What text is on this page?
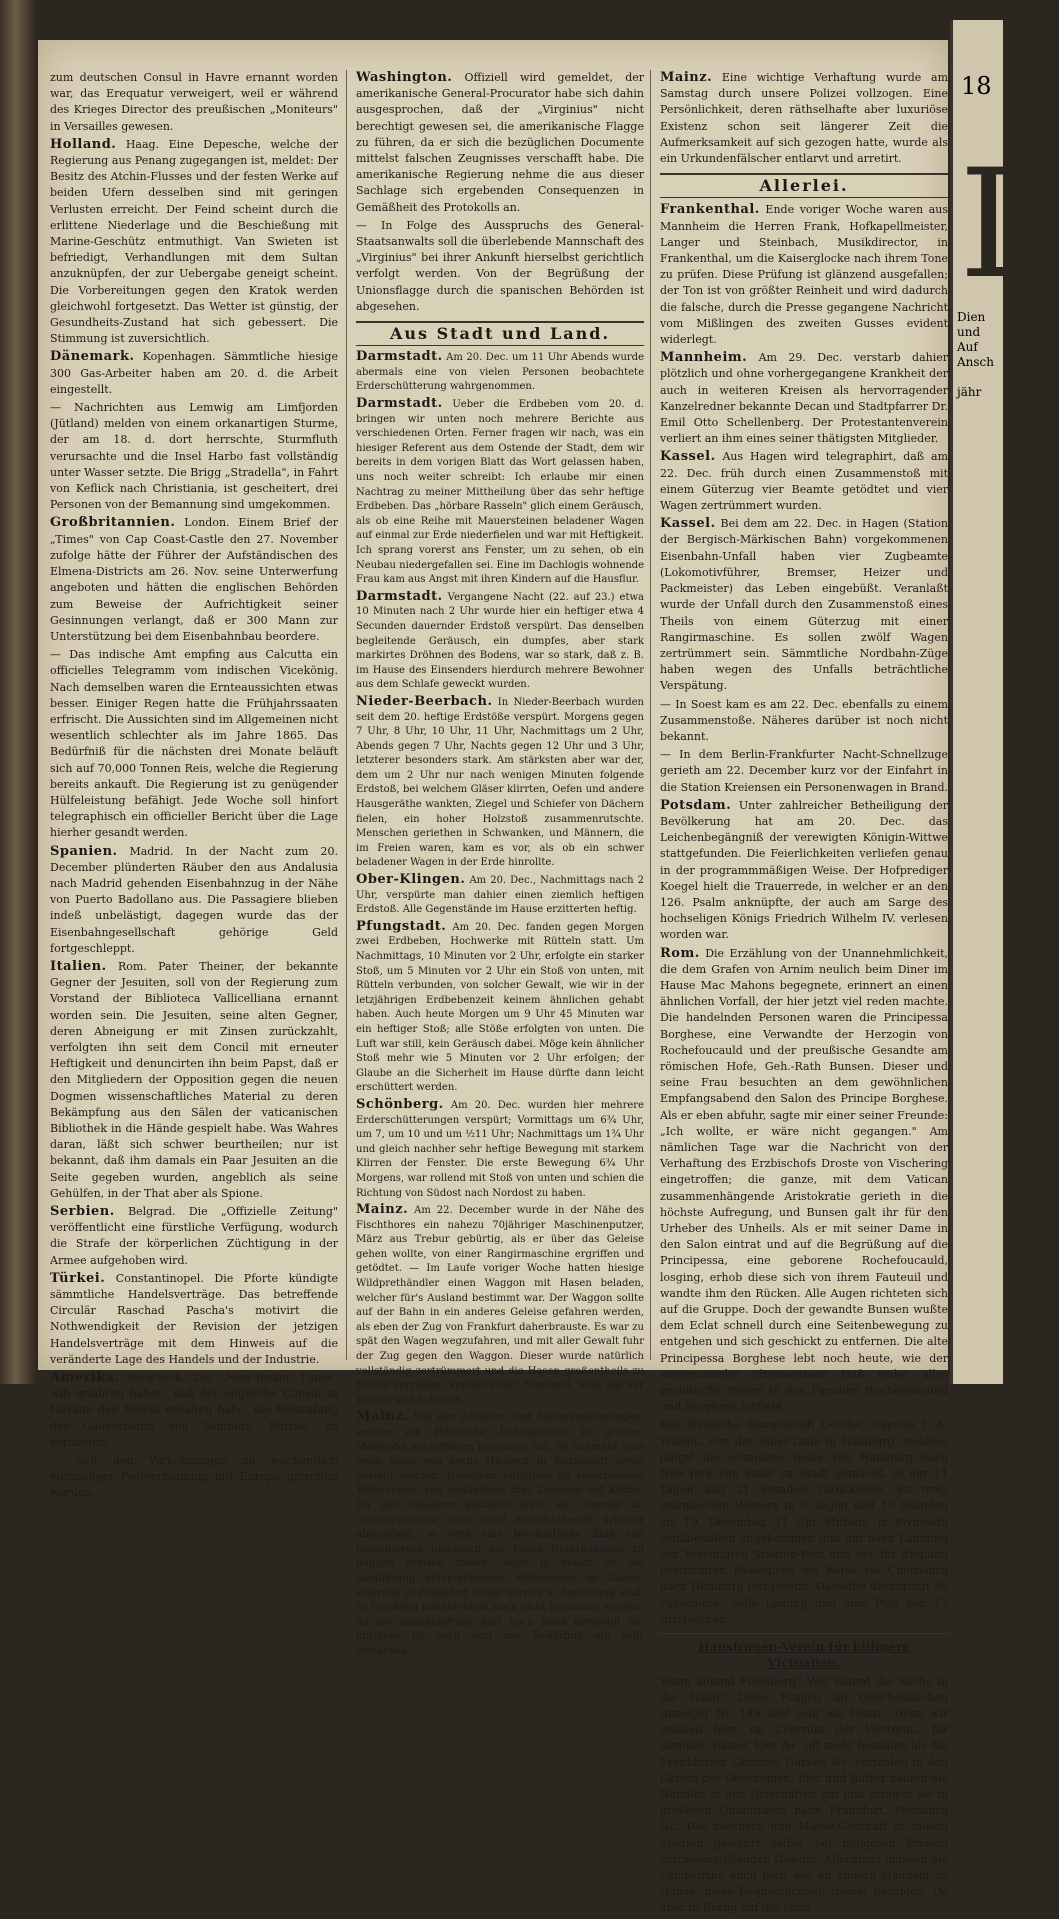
zum deutschen Consul in Havre ernannt worden war, das Erequatur verweigert, weil er während des Krieges Director des preußischen „Moniteurs" in Versailles gewesen.

Holland. Haag. Eine Depesche, welche der Regierung aus Penang zugegangen ist, meldet: Der Besitz des Atchin-Flusses und der festen Werke auf beiden Ufern desselben sind mit geringen Verlusten erreicht. Der Feind scheint durch die erlittene Niederlage und die Beschießung mit Marine-Geschütz entmuthigt. Van Swieten ist befriedigt, Verhandlungen mit dem Sultan anzuknüpfen, der zur Uebergabe geneigt scheint. Die Vorbereitungen gegen den Kratok werden gleichwohl fortgesetzt. Das Wetter ist günstig, der Gesundheits-Zustand hat sich gebessert. Die Stimmung ist zuversichtlich.

Dänemark. Kopenhagen. Sämmtliche hiesige 300 Gas-Arbeiter haben am 20. d. die Arbeit eingestellt.

— Nachrichten aus Lemwig am Limfjorden (Jütland) melden von einem orkanartigen Sturme, der am 18. d. dort herrschte, Sturmfluth verursachte und die Insel Harbo fast vollständig unter Wasser setzte. Die Brigg „Stradella", in Fahrt von Keflick nach Christiania, ist gescheitert, drei Personen von der Bemannung sind umgekommen.

Großbritannien. London. Einem Brief der „Times" von Cap Coast-Castle den 27. November zufolge hätte der Führer der Aufständischen des Elmena-Districts am 26. Nov. seine Unterwerfung angeboten und hätten die englischen Behörden zum Beweise der Aufrichtigkeit seiner Gesinnungen verlangt, daß er 300 Mann zur Unterstützung bei dem Eisenbahnbau beordere.

— Das indische Amt empfing aus Calcutta ein officielles Telegramm vom indischen Vicekönig. Nach demselben waren die Ernteaussichten etwas besser. Einiger Regen hatte die Frühjahrssaaten erfrischt. Die Aussichten sind im Allgemeinen nicht wesentlich schlechter als im Jahre 1865. Das Bedürfniß für die nächsten drei Monate beläuft sich auf 70,000 Tonnen Reis, welche die Regierung bereits ankauft. Die Regierung ist zu genügender Hülfeleistung befähigt. Jede Woche soll hinfort telegraphisch ein officieller Bericht über die Lage hierher gesandt werden.

Spanien. Madrid. In der Nacht zum 20. December plünderten Räuber den aus Andalusia nach Madrid gehenden Eisenbahnzug in der Nähe von Puerto Badollano aus. Die Passagiere blieben indeß unbelästigt, dagegen wurde das der Eisenbahngesellschaft gehörige Geld fortgeschleppt.

Italien. Rom. Pater Theiner, der bekannte Gegner der Jesuiten, soll von der Regierung zum Vorstand der Biblioteca Vallicelliana ernannt worden sein. Die Jesuiten, seine alten Gegner, deren Abneigung er mit Zinsen zurückzahlt, verfolgten ihn seit dem Concil mit erneuter Heftigkeit und denuncirten ihn beim Papst, daß er den Mitgliedern der Opposition gegen die neuen Dogmen wissenschaftliches Material zu deren Bekämpfung aus den Sälen der vaticanischen Bibliothek in die Hände gespielt habe. Was Wahres daran, läßt sich schwer beurtheilen; nur ist bekannt, daß ihm damals ein Paar Jesuiten an die Seite gegeben wurden, angeblich als seine Gehülfen, in der That aber als Spione.

Serbien. Belgrad. Die „Offizielle Zeitung" veröffentlicht eine fürstliche Verfügung, wodurch die Strafe der körperlichen Züchtigung in der Armee aufgehoben wird.

Türkei. Constantinopel. Die Pforte kündigte sämmtliche Handelsverträge. Das betreffende Circulär Raschad Pascha's motivirt die Nothwendigkeit der Revision der jetzigen Handelsverträge mit dem Hinweis auf die veränderte Lage des Handels und der Industrie.

Amerika. New-York. Die „New-Yorker Times" will erfahren haben, daß der englische Consul in Havana den Befehl erhalten habe, die Bestrafung des Gouverneurs von Santiago, Burriel, zu verlangen.

— Seit den Vorkehrungen zu wöchentlich viermaliger Postverbindung mit Europa getroffen worden.

Washington. Offiziell wird gemeldet, der amerikanische General-Procurator habe sich dahin ausgesprochen, daß der „Virginius" nicht berechtigt gewesen sei, die amerikanische Flagge zu führen, da er sich die bezüglichen Documente mittelst falschen Zeugnisses verschafft habe. Die amerikanische Regierung nehme die aus dieser Sachlage sich ergebenden Consequenzen in Gemäßheit des Protokolls an.

— In Folge des Ausspruchs des General-Staatsanwalts soll die überlebende Mannschaft des „Virginius" bei ihrer Ankunft hierselbst gerichtlich verfolgt werden. Von der Begrüßung der Unionsflagge durch die spanischen Behörden ist abgesehen.

Aus Stadt und Land.

Darmstadt. Am 20. Dec. um 11 Uhr Abends wurde abermals eine von vielen Personen beobachtete Erderschütterung wahrgenommen.

Darmstadt. Ueber die Erdbeben vom 20. d. bringen wir unten noch mehrere Berichte aus verschiedenen Orten. Ferner fragen wir nach, was ein hiesiger Referent aus dem Ostende der Stadt, dem wir bereits in dem vorigen Blatt das Wort gelassen haben, uns noch weiter schreibt: Ich erlaube mir einen Nachtrag zu meiner Mittheilung über das sehr heftige Erdbeben. Das „hörbare Rasseln" glich einem Geräusch, als ob eine Reihe mit Mauersteinen beladener Wagen auf einmal zur Erde niederfielen und war mit Heftigkeit. Ich sprang vorerst ans Fenster, um zu sehen, ob ein Neubau niedergefallen sei. Eine im Dachlogis wohnende Frau kam aus Angst mit ihren Kindern auf die Hausflur.

Darmstadt. Vergangene Nacht (22. auf 23.) etwa 10 Minuten nach 2 Uhr wurde hier ein heftiger etwa 4 Secunden dauernder Erdstoß verspürt. Das denselben begleitende Geräusch, ein dumpfes, aber stark markirtes Dröhnen des Bodens, war so stark, daß z. B. im Hause des Einsenders hierdurch mehrere Bewohner aus dem Schlafe geweckt wurden.

Nieder-Beerbach. In Nieder-Beerbach wurden seit dem 20. heftige Erdstöße verspürt. Morgens gegen 7 Uhr, 8 Uhr, 10 Uhr, 11 Uhr, Nachmittags um 2 Uhr, Abends gegen 7 Uhr, Nachts gegen 12 Uhr und 3 Uhr, letzterer besonders stark. Am stärksten aber war der, dem um 2 Uhr nur nach wenigen Minuten folgende Erdstoß, bei welchem Gläser klirrten, Oefen und andere Hausgeräthe wankten, Ziegel und Schiefer von Dächern fielen, ein hoher Holzstoß zusammenrutschte. Menschen geriethen in Schwanken, und Männern, die im Freien waren, kam es vor, als ob ein schwer beladener Wagen in der Erde hinrollte.

Ober-Klingen. Am 20. Dec., Nachmittags nach 2 Uhr, verspürte man dahier einen ziemlich heftigen Erdstoß. Alle Gegenstände im Hause erzitterten heftig.

Pfungstadt. Am 20. Dec. fanden gegen Morgen zwei Erdbeben, Hochwerke mit Rütteln statt. Um Nachmittags, 10 Minuten vor 2 Uhr, erfolgte ein starker Stoß, um 5 Minuten vor 2 Uhr ein Stoß von unten, mit Rütteln verbunden, von solcher Gewalt, wie wir in der letzjährigen Erdbebenzeit keinem ähnlichen gehabt haben. Auch heute Morgen um 9 Uhr 45 Minuten war ein heftiger Stoß; alle Stöße erfolgten von unten. Die Luft war still, kein Geräusch dabei. Möge kein ähnlicher Stoß mehr wie 5 Minuten vor 2 Uhr erfolgen; der Glaube an die Sicherheit im Hause dürfte dann leicht erschüttert werden.

Schönberg. Am 20. Dec. wurden hier mehrere Erderschütterungen verspürt; Vormittags um 6¾ Uhr, um 7, um 10 und um ½11 Uhr; Nachmittags um 1¾ Uhr und gleich nachher sehr heftige Bewegung mit starkem Klirren der Fenster. Die erste Bewegung 6¾ Uhr Morgens, war rollend mit Stoß von unten und schien die Richtung von Südost nach Nordost zu haben.

Mainz. Am 22. December wurde in der Nähe des Fischthores ein nahezu 70jähriger Maschinenputzer, März aus Trebur gebürtig, als er über das Geleise gehen wollte, von einer Rangirmaschine ergriffen und getödtet. — Im Laufe voriger Woche hatten hiesige Wildprethändler einen Waggon mit Hasen beladen, welcher für's Ausland bestimmt war. Der Waggon sollte auf der Bahn in ein anderes Geleise gefahren werden, als eben der Zug von Frankfurt daherbrauste. Es war zu spät den Wagen wegzufahren, und mit aller Gewalt fuhr der Zug gegen den Waggon. Dieser wurde natürlich vollständig zertrümmert und die Hasen großentheils zu Fetzen zerrissen. Kopfschüttelt, Niemand. Alles lag nur Verlust und Schaden.

Mainz. Von den Arbeiter- und Beamtenwohnungen, welche die Hessische Ludwigsbahn in großem Maßstabe auszuführen begonnen hat, ist nunmehr eine erste Serie von sechs Häusern in Darmstadt fertig gestellt worden. Dieselben enthalten 59 verschiedene Wohnungen, von mindestens drei Zimmern mit Küche. Da den Inhabern gestattet wird, ein Zimmer an unverheirathete oder sonst einzelstehende Arbeiter abzugeben, so wird eine beträchtliche Zahl von Bediensteten hierdurch ein festes Unterkommen zu billigen Preisen finden. Auch in Mainz ist die Ausführung entsprechender Wohnungen im Gange, während in Frankfurt schon bereits in Benutzung sind. In Frankfurt konnte damit noch nicht begonnen werden, da die Bahnhofsfrage dort noch nicht gerichtet ist; übrigens ist auch dort das Bedürfniß ein sehr vielfaches.

Mainz. Eine wichtige Verhaftung wurde am Samstag durch unsere Polizei vollzogen. Eine Persönlichkeit, deren räthselhafte aber luxuriöse Existenz schon seit längerer Zeit die Aufmerksamkeit auf sich gezogen hatte, wurde als ein Urkundenfälscher entlarvt und arretirt.

Allerlei.

Frankenthal. Ende voriger Woche waren aus Mannheim die Herren Frank, Hofkapellmeister, Langer und Steinbach, Musikdirector, in Frankenthal, um die Kaiserglocke nach ihrem Tone zu prüfen. Diese Prüfung ist glänzend ausgefallen; der Ton ist von größter Reinheit und wird dadurch die falsche, durch die Presse gegangene Nachricht vom Mißlingen des zweiten Gusses evident widerlegt.

Mannheim. Am 29. Dec. verstarb dahier plötzlich und ohne vorhergegangene Krankheit der auch in weiteren Kreisen als hervorragender Kanzelredner bekannte Decan und Stadtpfarrer Dr. Emil Otto Schellenberg. Der Protestantenverein verliert an ihm eines seiner thätigsten Mitglieder.

Kassel. Aus Hagen wird telegraphirt, daß am 22. Dec. früh durch einen Zusammenstoß mit einem Güterzug vier Beamte getödtet und vier Wagen zertrümmert wurden.

Kassel. Bei dem am 22. Dec. in Hagen (Station der Bergisch-Märkischen Bahn) vorgekommenen Eisenbahn-Unfall haben vier Zugbeamte (Lokomotivführer, Bremser, Heizer und Packmeister) das Leben eingebüßt. Veranlaßt wurde der Unfall durch den Zusammenstoß eines Theils von einem Güterzug mit einer Rangirmaschine. Es sollen zwölf Wagen zertrümmert sein. Sämmtliche Nordbahn-Züge haben wegen des Unfalls beträchtliche Verspätung.

— In Soest kam es am 22. Dec. ebenfalls zu einem Zusammenstoße. Näheres darüber ist noch nicht bekannt.

— In dem Berlin-Frankfurter Nacht-Schnellzuge gerieth am 22. December kurz vor der Einfahrt in die Station Kreiensen ein Personenwagen in Brand.

Potsdam. Unter zahlreicher Betheiligung der Bevölkerung hat am 20. Dec. das Leichenbegängniß der verewigten Königin-Wittwe stattgefunden. Die Feierlichkeiten verliefen genau in der programmmäßigen Weise. Der Hofprediger Koegel hielt die Trauerrede, in welcher er an den 126. Psalm anknüpfte, der auch am Sarge des hochseligen Königs Friedrich Wilhelm IV. verlesen worden war.

Rom. Die Erzählung von der Unannehmlichkeit, die dem Grafen von Arnim neulich beim Diner im Hause Mac Mahons begegnete, erinnert an einen ähnlichen Vorfall, der hier jetzt viel reden machte. Die handelnden Personen waren die Principessa Borghese, eine Verwandte der Herzogin von Rochefoucauld und der preußische Gesandte am römischen Hofe, Geh.-Rath Bunsen. Dieser und seine Frau besuchten an dem gewöhnlichen Empfangsabend den Salon des Principe Borghese. Als er eben abfuhr, sagte mir einer seiner Freunde: „Ich wollte, er wäre nicht gegangen." Am nämlichen Tage war die Nachricht von der Verhaftung des Erzbischofs Droste von Vischering eingetroffen; die ganze, mit dem Vatican zusammenhängende Aristokratie gerieth in die höchste Aufregung, und Bunsen galt ihr für den Urheber des Unheils. Als er mit seiner Dame in den Salon eintrat und auf die Begrüßung auf die Principessa, eine geborene Rochefoucauld, losging, erhob diese sich von ihrem Fauteuil und wandte ihm den Rücken. Alle Augen richteten sich auf die Gruppe. Doch der gewandte Bunsen wußte dem Eclat schnell durch eine Seitenbewegung zu entgehen und sich geschickt zu entfernen. Die alte Principessa Borghese lebt noch heute, wie der eingewurzelte ultramontane Haß wider alles preußische Wesen in den Familien Rochefoucauld und Borghese fortlebt.

Das Deutsche Dampfschiff Goethe, Capitän J. A. Willson, von der Adler-Linie in Hamburg, welches jüngst die schnellste Reise von Hamburg nach New-York von Stadt zu Stadt gemacht, in nur 11 Tagen und 21 Stunden zurücklegte, ist trotz stürmischen Wetters in 9 Tagen und 10 Stunden am 19. December, 11 Uhr Mittags, in Plymouth wohlbehalten angekommen und hat nach Landung der Vereinigten Staaten-Post und der für England bestimmten Passagiere die Reise via Cherbourg nach Hamburg fortgesetzt. Dasselbe überbringt 96 Passagiere, volle Ladung und eine Post von 17 Briefsäcken.

Hausfrauen-Verein für billigere Victualien.

Wann kommt Friedberg? Wer nimmt die Sache in die Hand? Diese Fragen im Oberhessischen Anzeiger Nr. 149 sind sehr am Platze. Denn wir müssen hier, im Centrum der Wetterau, für Gemüse, Butter, Eier &c. oft mehr bezahlen als die Frankfurter. Gemüse, Gurken &c. verfaulen in den Gärten der Oeconomen; Eier und Butter kaufen die Händler in den Ortschaften auf und bringen sie in größeren Quantitäten nach Frankfurt, Homburg &c. Das raschere und Masse-Geschäft in diesen Städten gewährt selbst bei billigeren Preisen zufriedenstellenden Gewinn. Allerdings müssen die Landwirthe auch hier, wie an andern Handeln zu Hause, diese Bequemlichkeit theuer bezahlen. Da aber in Bezug auf die Land-

18
L
Dien
und
Auf
Ansch

jähr
